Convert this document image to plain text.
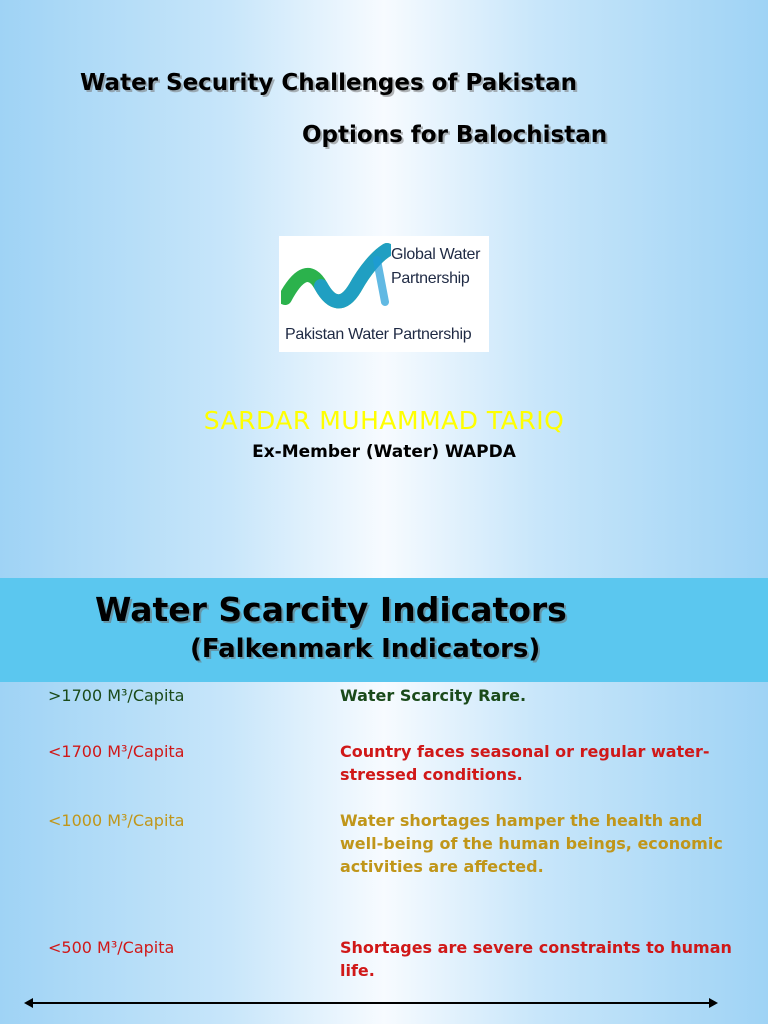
Water Security Challenges of Pakistan
Options for Balochistan
Global Water
Partnership
Pakistan Water Partnership
SARDAR MUHAMMAD TARIQ
Ex-Member (Water) WAPDA
Water Scarcity Indicators
(Falkenmark Indicators)
>1700 M³/Capita	Water Scarcity Rare.
<1700 M³/Capita	Country faces seasonal or regular water-stressed conditions.
<1000 M³/Capita	Water shortages hamper the health and well-being of the human beings, economic activities are affected.
<500 M³/Capita	Shortages are severe constraints to human life.
